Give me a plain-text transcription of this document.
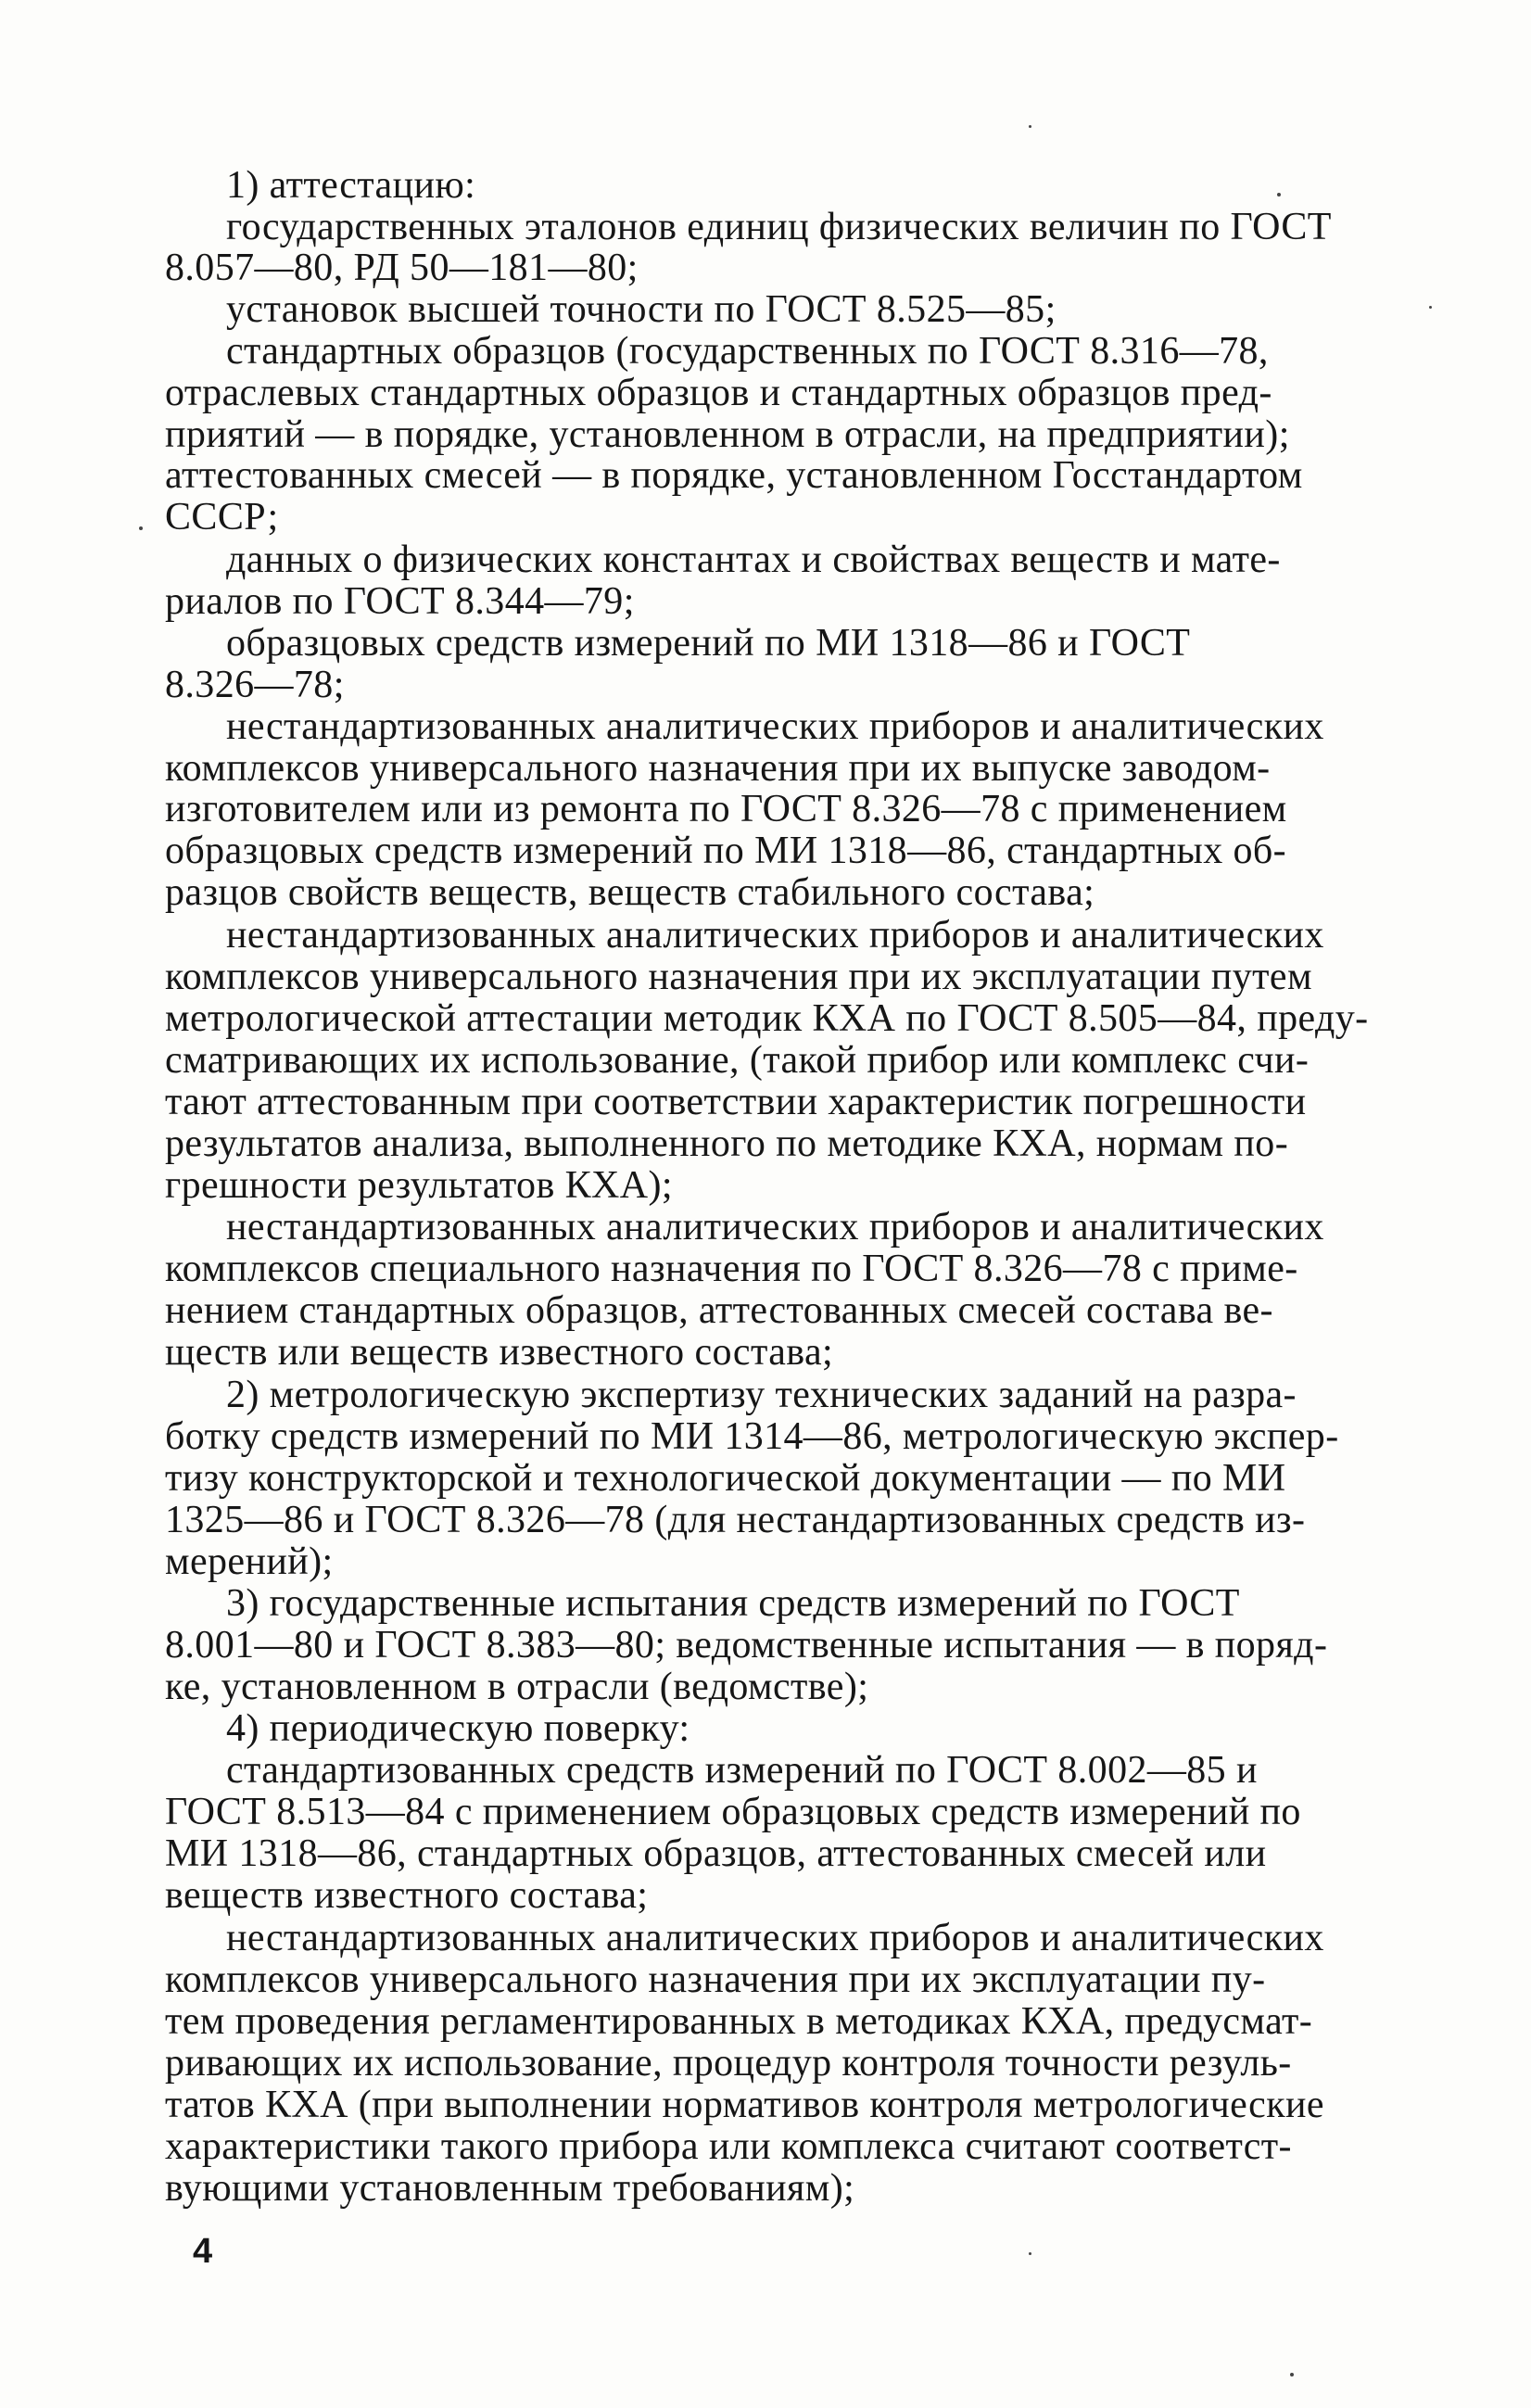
1) аттестацию:
государственных эталонов единиц физических величин по ГОСТ
8.057—80, РД 50—181—80;
установок высшей точности по ГОСТ 8.525—85;
стандартных образцов (государственных по ГОСТ 8.316—78,
отраслевых стандартных образцов и стандартных образцов пред-
приятий — в порядке, установленном в отрасли, на предприятии);
аттестованных смесей — в порядке, установленном Госстандартом
СССР;
данных о физических константах и свойствах веществ и мате-
риалов по ГОСТ 8.344—79;
образцовых средств измерений по МИ 1318—86 и ГОСТ
8.326—78;
нестандартизованных аналитических приборов и аналитических
комплексов универсального назначения при их выпуске заводом-
изготовителем или из ремонта по ГОСТ 8.326—78 с применением
образцовых средств измерений по МИ 1318—86, стандартных об-
разцов свойств веществ, веществ стабильного состава;
нестандартизованных аналитических приборов и аналитических
комплексов универсального назначения при их эксплуатации путем
метрологической аттестации методик КХА по ГОСТ 8.505—84, преду-
сматривающих их использование, (такой прибор или комплекс счи-
тают аттестованным при соответствии характеристик погрешности
результатов анализа, выполненного по методике КХА, нормам по-
грешности результатов КХА);
нестандартизованных аналитических приборов и аналитических
комплексов специального назначения по ГОСТ 8.326—78 с приме-
нением стандартных образцов, аттестованных смесей состава ве-
ществ или веществ известного состава;
2) метрологическую экспертизу технических заданий на разра-
ботку средств измерений по МИ 1314—86, метрологическую экспер-
тизу конструкторской и технологической документации — по МИ
1325—86 и ГОСТ 8.326—78 (для нестандартизованных средств из-
мерений);
3) государственные испытания средств измерений по ГОСТ
8.001—80 и ГОСТ 8.383—80; ведомственные испытания — в поряд-
ке, установленном в отрасли (ведомстве);
4) периодическую поверку:
стандартизованных средств измерений по ГОСТ 8.002—85 и
ГОСТ 8.513—84 с применением образцовых средств измерений по
МИ 1318—86, стандартных образцов, аттестованных смесей или
веществ известного состава;
нестандартизованных аналитических приборов и аналитических
комплексов универсального назначения при их эксплуатации пу-
тем проведения регламентированных в методиках КХА, предусмат-
ривающих их использование, процедур контроля точности резуль-
татов КХА (при выполнении нормативов контроля метрологические
характеристики такого прибора или комплекса считают соответст-
вующими установленным требованиям);
4
